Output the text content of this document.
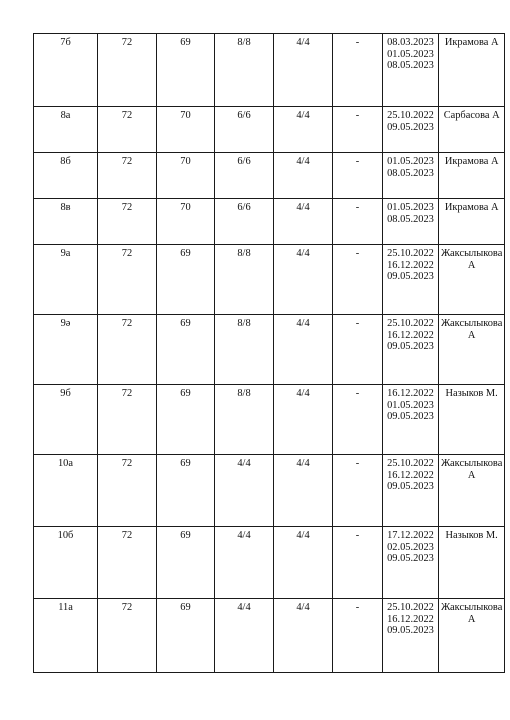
7б	72	69	8/8	4/4	-	08.03.2023 01.05.2023 08.05.2023	Икрамова А
8а	72	70	6/6	4/4	-	25.10.2022 09.05.2023	Сарбасова А
8б	72	70	6/6	4/4	-	01.05.2023 08.05.2023	Икрамова А
8в	72	70	6/6	4/4	-	01.05.2023 08.05.2023	Икрамова А
9а	72	69	8/8	4/4	-	25.10.2022 16.12.2022 09.05.2023	Жаксылыкова А
9ә	72	69	8/8	4/4	-	25.10.2022 16.12.2022 09.05.2023	Жаксылыкова А
9б	72	69	8/8	4/4	-	16.12.2022 01.05.2023 09.05.2023	Назыков М.
10а	72	69	4/4	4/4	-	25.10.2022 16.12.2022 09.05.2023	Жаксылыкова А
10б	72	69	4/4	4/4	-	17.12.2022 02.05.2023 09.05.2023	Назыков М.
11а	72	69	4/4	4/4	-	25.10.2022 16.12.2022 09.05.2023	Жаксылыкова А
